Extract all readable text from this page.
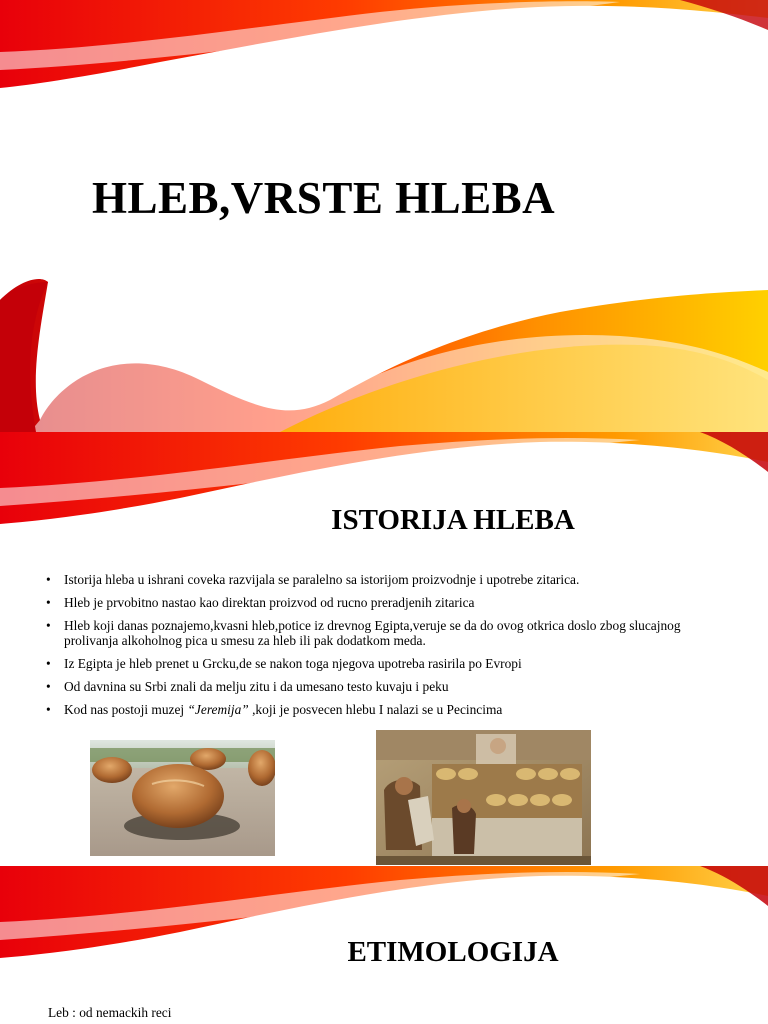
HLEB,VRSTE HLEBA
ISTORIJA HLEBA
• Istorija hleba u ishrani coveka razvijala se paralelno sa istorijom proizvodnje i upotrebe zitarica.
• Hleb je prvobitno nastao kao direktan proizvod od rucno preradjenih zitarica
• Hleb koji danas poznajemo,kvasni hleb,potice iz drevnog Egipta,veruje se da do ovog otkrica doslo zbog slucajnog prolivanja alkoholnog pica u smesu za hleb ili pak dodatkom meda.
• Iz Egipta je hleb prenet u Grcku,de se nakon toga njegova upotreba rasirila po Evropi
• Od davnina su Srbi znali da melju zitu i da umesano testo kuvaju i peku
• Kod nas postoji muzej “Jeremija” ,koji je posvecen hlebu I nalazi se u Pecincima
ETIMOLOGIJA
Leb : od nemackih reci
